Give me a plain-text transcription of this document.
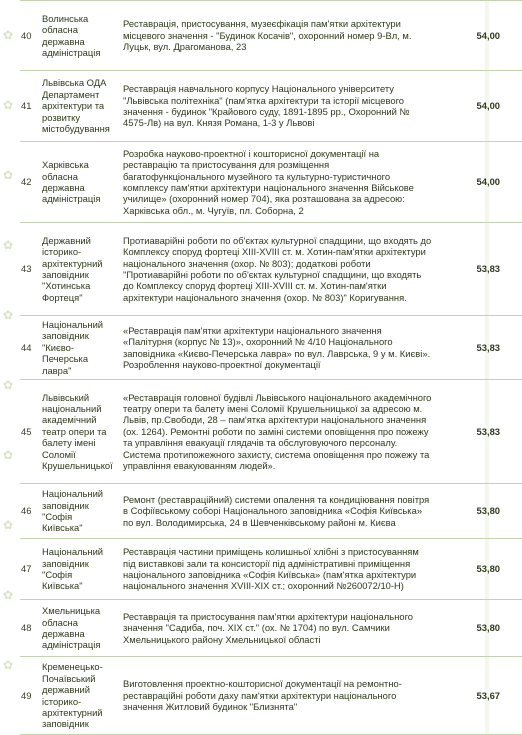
✿
✿
✿
✿
✿
✿
✿
✿
✿
✿
40	Волинська обласна державна адміністрація	Реставрація, пристосування, музеєфікація пам'ятки архітектури місцевого значення - "Будинок Косачів", охоронний номер 9-Вл, м. Луцьк, вул. Драгоманова, 23	54,00
41	Львівська ОДА Департамент архітектури та розвитку містобудування	Реставрація навчального корпусу Національного університету "Львівська політехніка" (пам'ятка архітектури та історії місцевого значення - будинок "Крайового суду, 1891-1895 рр., Охоронний № 4575-Лв) на вул. Князя Романа, 1-3 у Львові	54,00
42	Харківська обласна державна адміністрація	Розробка науково-проектної і кошторисної документації на реставрацію та пристосування для розміщення багатофункціонального музейного та культурно-туристичного комплексу пам'ятки архітектури національного значення Військове училище» (охоронний номер 704), яка розташована за адресою: Харківська обл., м. Чугуїв, пл. Соборна, 2	54,00
43	Державний історико-архітектурний заповідник "Хотинська Фортеця"	Протиаварійні роботи по об'єктах культурної спадщини, що входять до Комплексу споруд фортеці XIII-XVIII ст. м. Хотин-пам'ятки архітектури національного значення (охор. № 803); додаткові роботи "Протиаварійні роботи по об'єктах культурної спадщини, що входять до Комплексу споруд фортеці XIII-XVIII ст. м. Хотин-пам'ятки архітектури національного значення (охор. № 803)" Коригування.	53,83
44	Національний заповідник "Києво-Печерська лавра"	«Реставрація пам'ятки архітектури національного значення «Палітурня (корпус № 13)», охоронний № 4/10 Національного заповідника «Києво-Печерська лавра» по вул. Лаврська, 9 у м. Києві». Розроблення науково-проектної документації	53,83
45	Львівський національний академічний театр опери та балету імені Соломії Крушельницької	«Реставрація головної будівлі Львівського національного академічного театру опери та балету імені Соломії Крушельницької за адресою м. Львів, пр.Свободи, 28 – пам'ятка архітектури національного значення (ох. 1264). Ремонтні роботи по заміні системи оповіщення про пожежу та управління евакуації глядачів та обслуговуючого персоналу. Система протипожежного захисту, система оповіщення про пожежу та управління евакуюванням людей».	53,83
46	Національний заповідник "Софія Київська"	Ремонт (реставраційний) системи опалення та кондиціювання повітря в Софіївському соборі Національного заповідника «Софія Київська» по вул. Володимирська, 24 в Шевченківському районі м. Києва	53,80
47	Національний заповідник "Софія Київська"	Реставрація частини приміщень колишньої хлібні з пристосуванням під виставкові зали та консисторії під адміністративні приміщення національного заповідника «Софія Київська» (пам'ятка архітектури національного значення XVIII-XIX ст.; охоронний №260072/10-Н)	53,80
48	Хмельницька обласна державна адміністрація	Реставрація та пристосування пам'ятки архітектури національного значення "Садиба, поч. XIX ст." (ох. № 1704) по вул. Самчики Хмельницького району Хмельницької області	53,80
49	Кременецько-Почаївський державний історико-архітектурний заповідник	Виготовлення проектно-кошторисної документації на ремонтно-реставраційні роботи даху пам'ятки архітектури національного значення Житловий будинок "Близнята"	53,67
